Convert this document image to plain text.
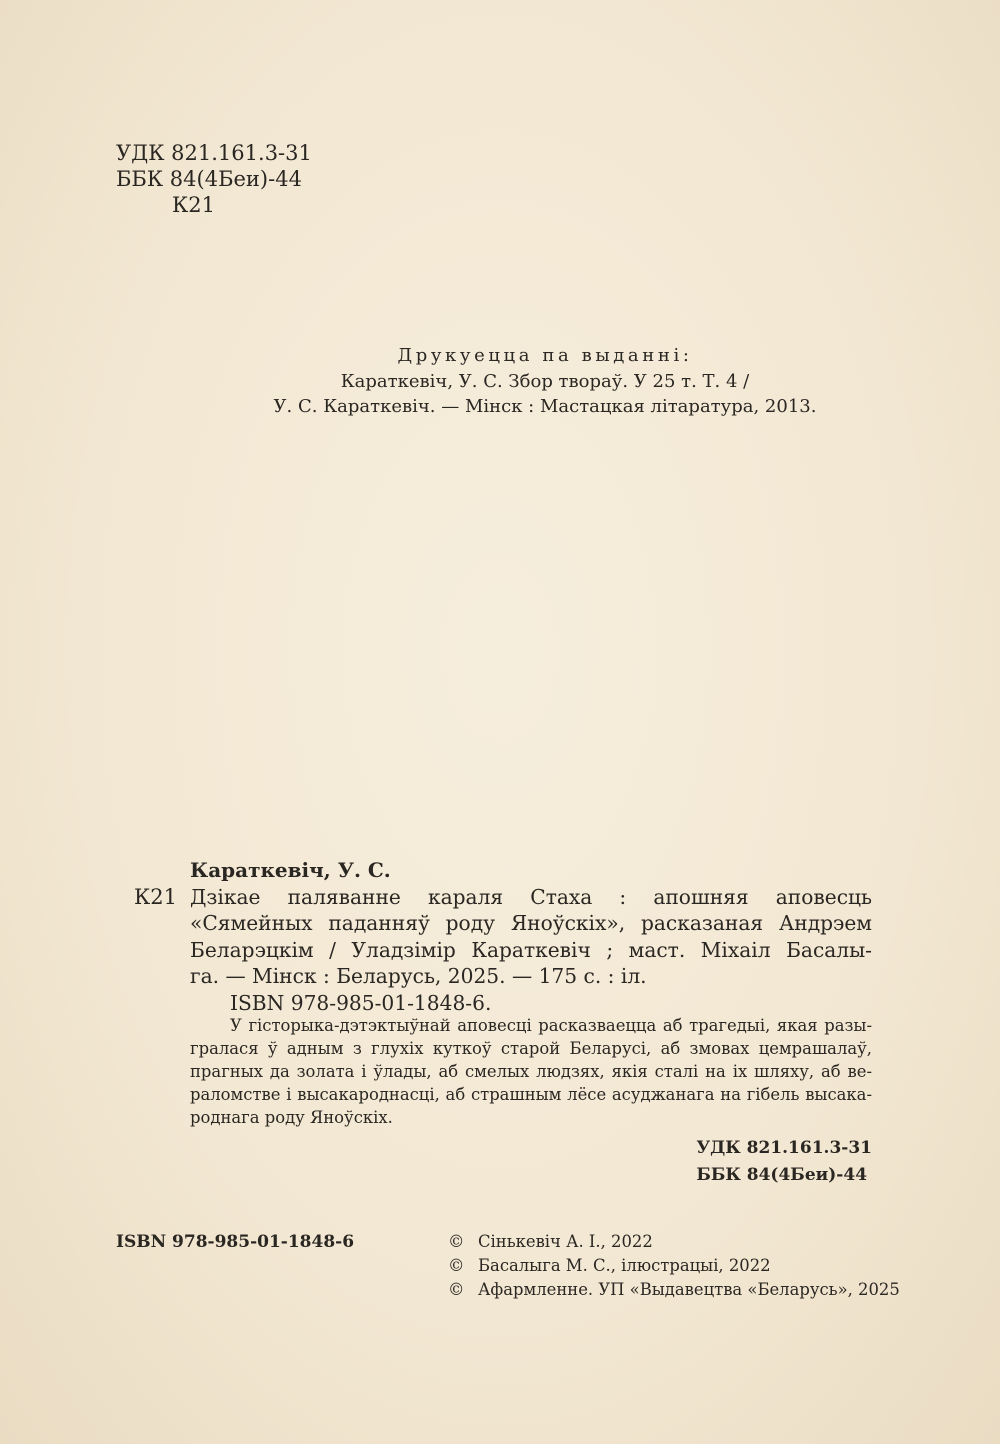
УДК 821.161.3-31
ББК 84(4Беи)-44
К21
Друкуецца па выданні:
Караткевіч, У. С. Збор твораў. У 25 т. Т. 4 /
У. С. Караткевіч. — Мінск : Мастацкая літаратура, 2013.
Караткевіч, У. С.
К21 Дзікае паляванне караля Стаха : апошняя аповесць
«Сямейных паданняў роду Яноўскіх», расказаная Андрэем
Беларэцкім / Уладзімір Караткевіч ; маст. Міхаіл Басалы-
га. — Мінск : Беларусь, 2025. — 175 с. : іл.
ISBN 978-985-01-1848-6.
У гісторыка-дэтэктыўнай аповесці расказваецца аб трагедыі, якая разы-
гралася ў адным з глухіх куткоў старой Беларусі, аб змовах цемрашалаў,
прагных да золата і ўлады, аб смелых людзях, якія сталі на іх шляху, аб ве-
раломстве і высакароднасці, аб страшным лёсе асуджанага на гібель высака-
роднага роду Яноўскіх.
УДК 821.161.3-31
ББК 84(4Беи)-44
ISBN 978-985-01-1848-6	© Сінькевіч А. І., 2022
© Басалыга М. С., ілюстрацыі, 2022
© Афармленне. УП «Выдавецтва «Беларусь», 2025
